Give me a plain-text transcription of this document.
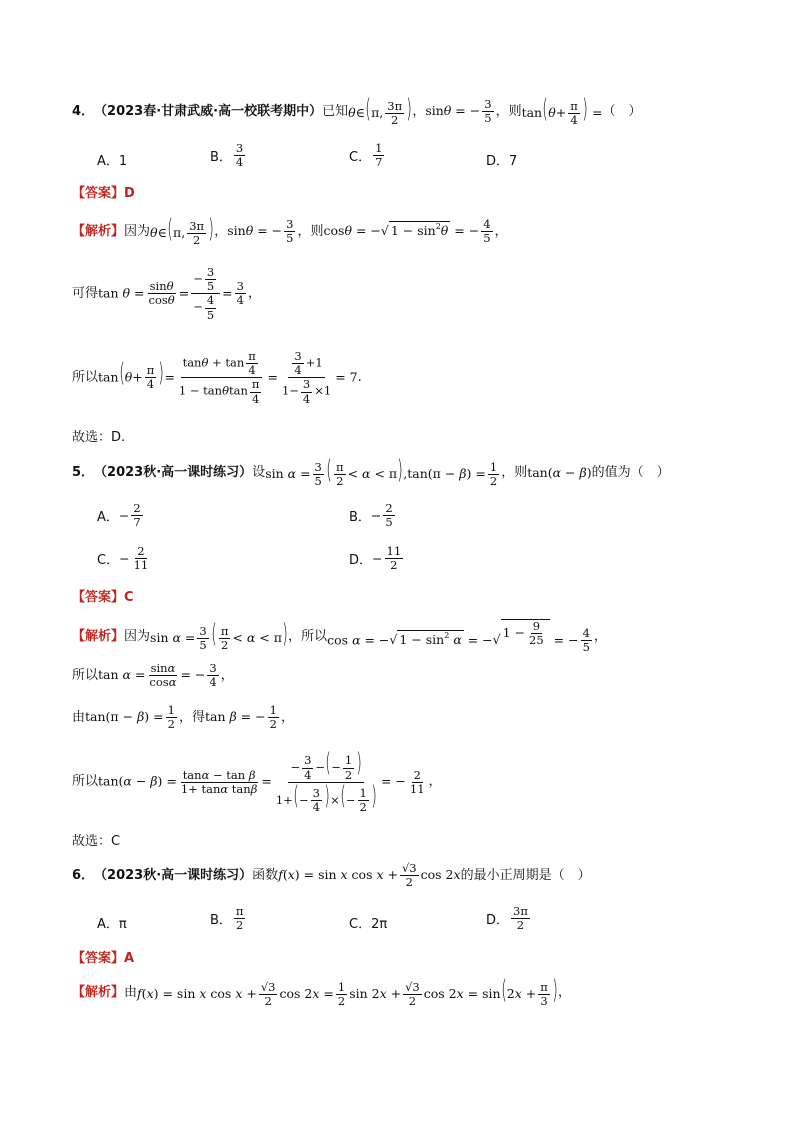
4． （2023春·甘肃武威·高一校联考期中） 已知 θ∈(π, $\frac{3\pi}{2}$ ) ， sinθ = − $\frac{3}{5}$ ，则 $\tan(\theta+ \frac{\pi}{4}$ ) = （　）
A．1	B． $\frac{3}{4}$	C． $\frac{1}{7}$	D．7
【答案】 D
【解析】 因为 θ∈(π, $\frac{3\pi}{2}$ ) ， sinθ = − $\frac{3}{5}$ ，则 cosθ = −√ $1 - \sin^2\theta$ = − $\frac{4}{5}$ ，
可得 $\tan \theta = \frac{\sin\theta}{\cos\theta} = \frac{- \frac{3}{5}}{- \frac{4}{5}} = \frac{3}{4}$ ，
所以 $\tan(\theta+ \frac{\pi}{4}$ )= $\frac{\tan\theta + \tan \frac{\pi}{4}}{1 - \tan\theta\tan \frac{\pi}{4}} = \frac{\frac{3}{4} +1}{1- \frac{3}{4} \times 1} = 7$ .
故选：D.
5． （2023秋·高一课时练习） 设 $\sin \alpha = \frac{3}{5}$ ( $\frac{\pi}{2} < \alpha < \pi),\tan(\pi - \beta) = \frac{1}{2}$ ，则 tan(α − β) 的值为（　）
A． − $\frac{2}{7}$	B． − $\frac{2}{5}$
C． − $\frac{2}{11}$	D． − $\frac{11}{2}$
【答案】 C
【解析】 因为 $\sin \alpha = \frac{3}{5}$ ( $\frac{\pi}{2} < \alpha < \pi$) ，所以 cos α = −√ $1 - \sin^2 \alpha$ = −√ $1 - \frac{9}{25}$ = − $\frac{4}{5}$ ，
所以 $\tan \alpha = \frac{\sin\alpha}{\cos\alpha}$ = − $\frac{3}{4}$ ，
由 $\tan(\pi - \beta) = \frac{1}{2}$ ，得 tan β = − $\frac{1}{2}$ ，
所以 $\tan(\alpha - \beta) = \frac{\text{tanα − tan β}}{\text{1+ tanα tanβ}} = \frac{- \frac{3}{4} -(- \frac{1}{2} )}{1+(- \frac{3}{4} )\times(- \frac{1}{2} )}$ = − $\frac{2}{11}$ ，
故选：C
6． （2023秋·高一课时练习） 函数 f(x) = sin x $\cos x + \frac{√3}{2}$ cos 2x 的最小正周期是（　）
A．π	B． $\frac{\pi}{2}$	C．2π	D． $\frac{3\pi}{2}$
【答案】 A
【解析】 由 f(x) = sin x $\cos x + \frac{√3}{2}$ $\cos 2x = \frac{1}{2}$ $\sin 2x + \frac{√3}{2}$ $\cos 2x = \sin(2x + \frac{\pi}{3}$ ) ，
